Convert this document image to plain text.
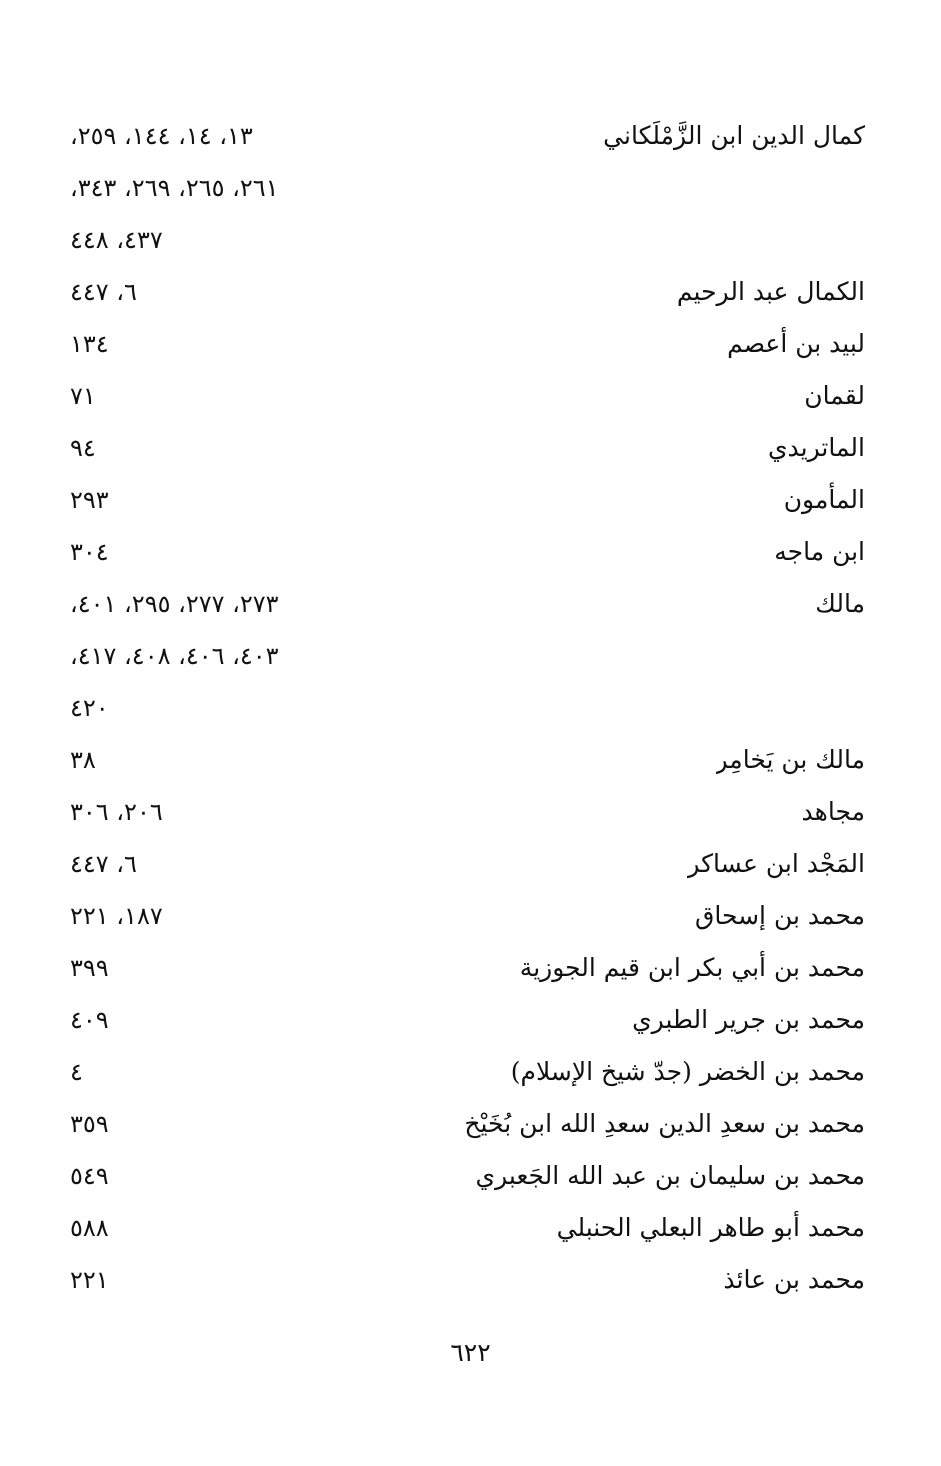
كمال الدين ابن الزَّمْلَكاني
١٣، ١٤، ١٤٤، ٢٥٩،
٢٦١، ٢٦٥، ٢٦٩، ٣٤٣،
٤٣٧، ٤٤٨
الكمال عبد الرحيم
٦، ٤٤٧
لبيد بن أعصم
١٣٤
لقمان
٧١
الماتريدي
٩٤
المأمون
٢٩٣
ابن ماجه
٣٠٤
مالك
٢٧٣، ٢٧٧، ٢٩٥، ٤٠١،
٤٠٣، ٤٠٦، ٤٠٨، ٤١٧،
٤٢٠
مالك بن يَخامِر
٣٨
مجاهد
٢٠٦، ٣٠٦
المَجْد ابن عساكر
٦، ٤٤٧
محمد بن إسحاق
١٨٧، ٢٢١
محمد بن أبي بكر ابن قيم الجوزية
٣٩٩
محمد بن جرير الطبري
٤٠٩
محمد بن الخضر (جدّ شيخ الإسلام)
٤
محمد بن سعدِ الدين سعدِ الله ابن بُخَيْخ
٣٥٩
محمد بن سليمان بن عبد الله الجَعبري
٥٤٩
محمد أبو طاهر البعلي الحنبلي
٥٨٨
محمد بن عائذ
٢٢١
٦٢٢
